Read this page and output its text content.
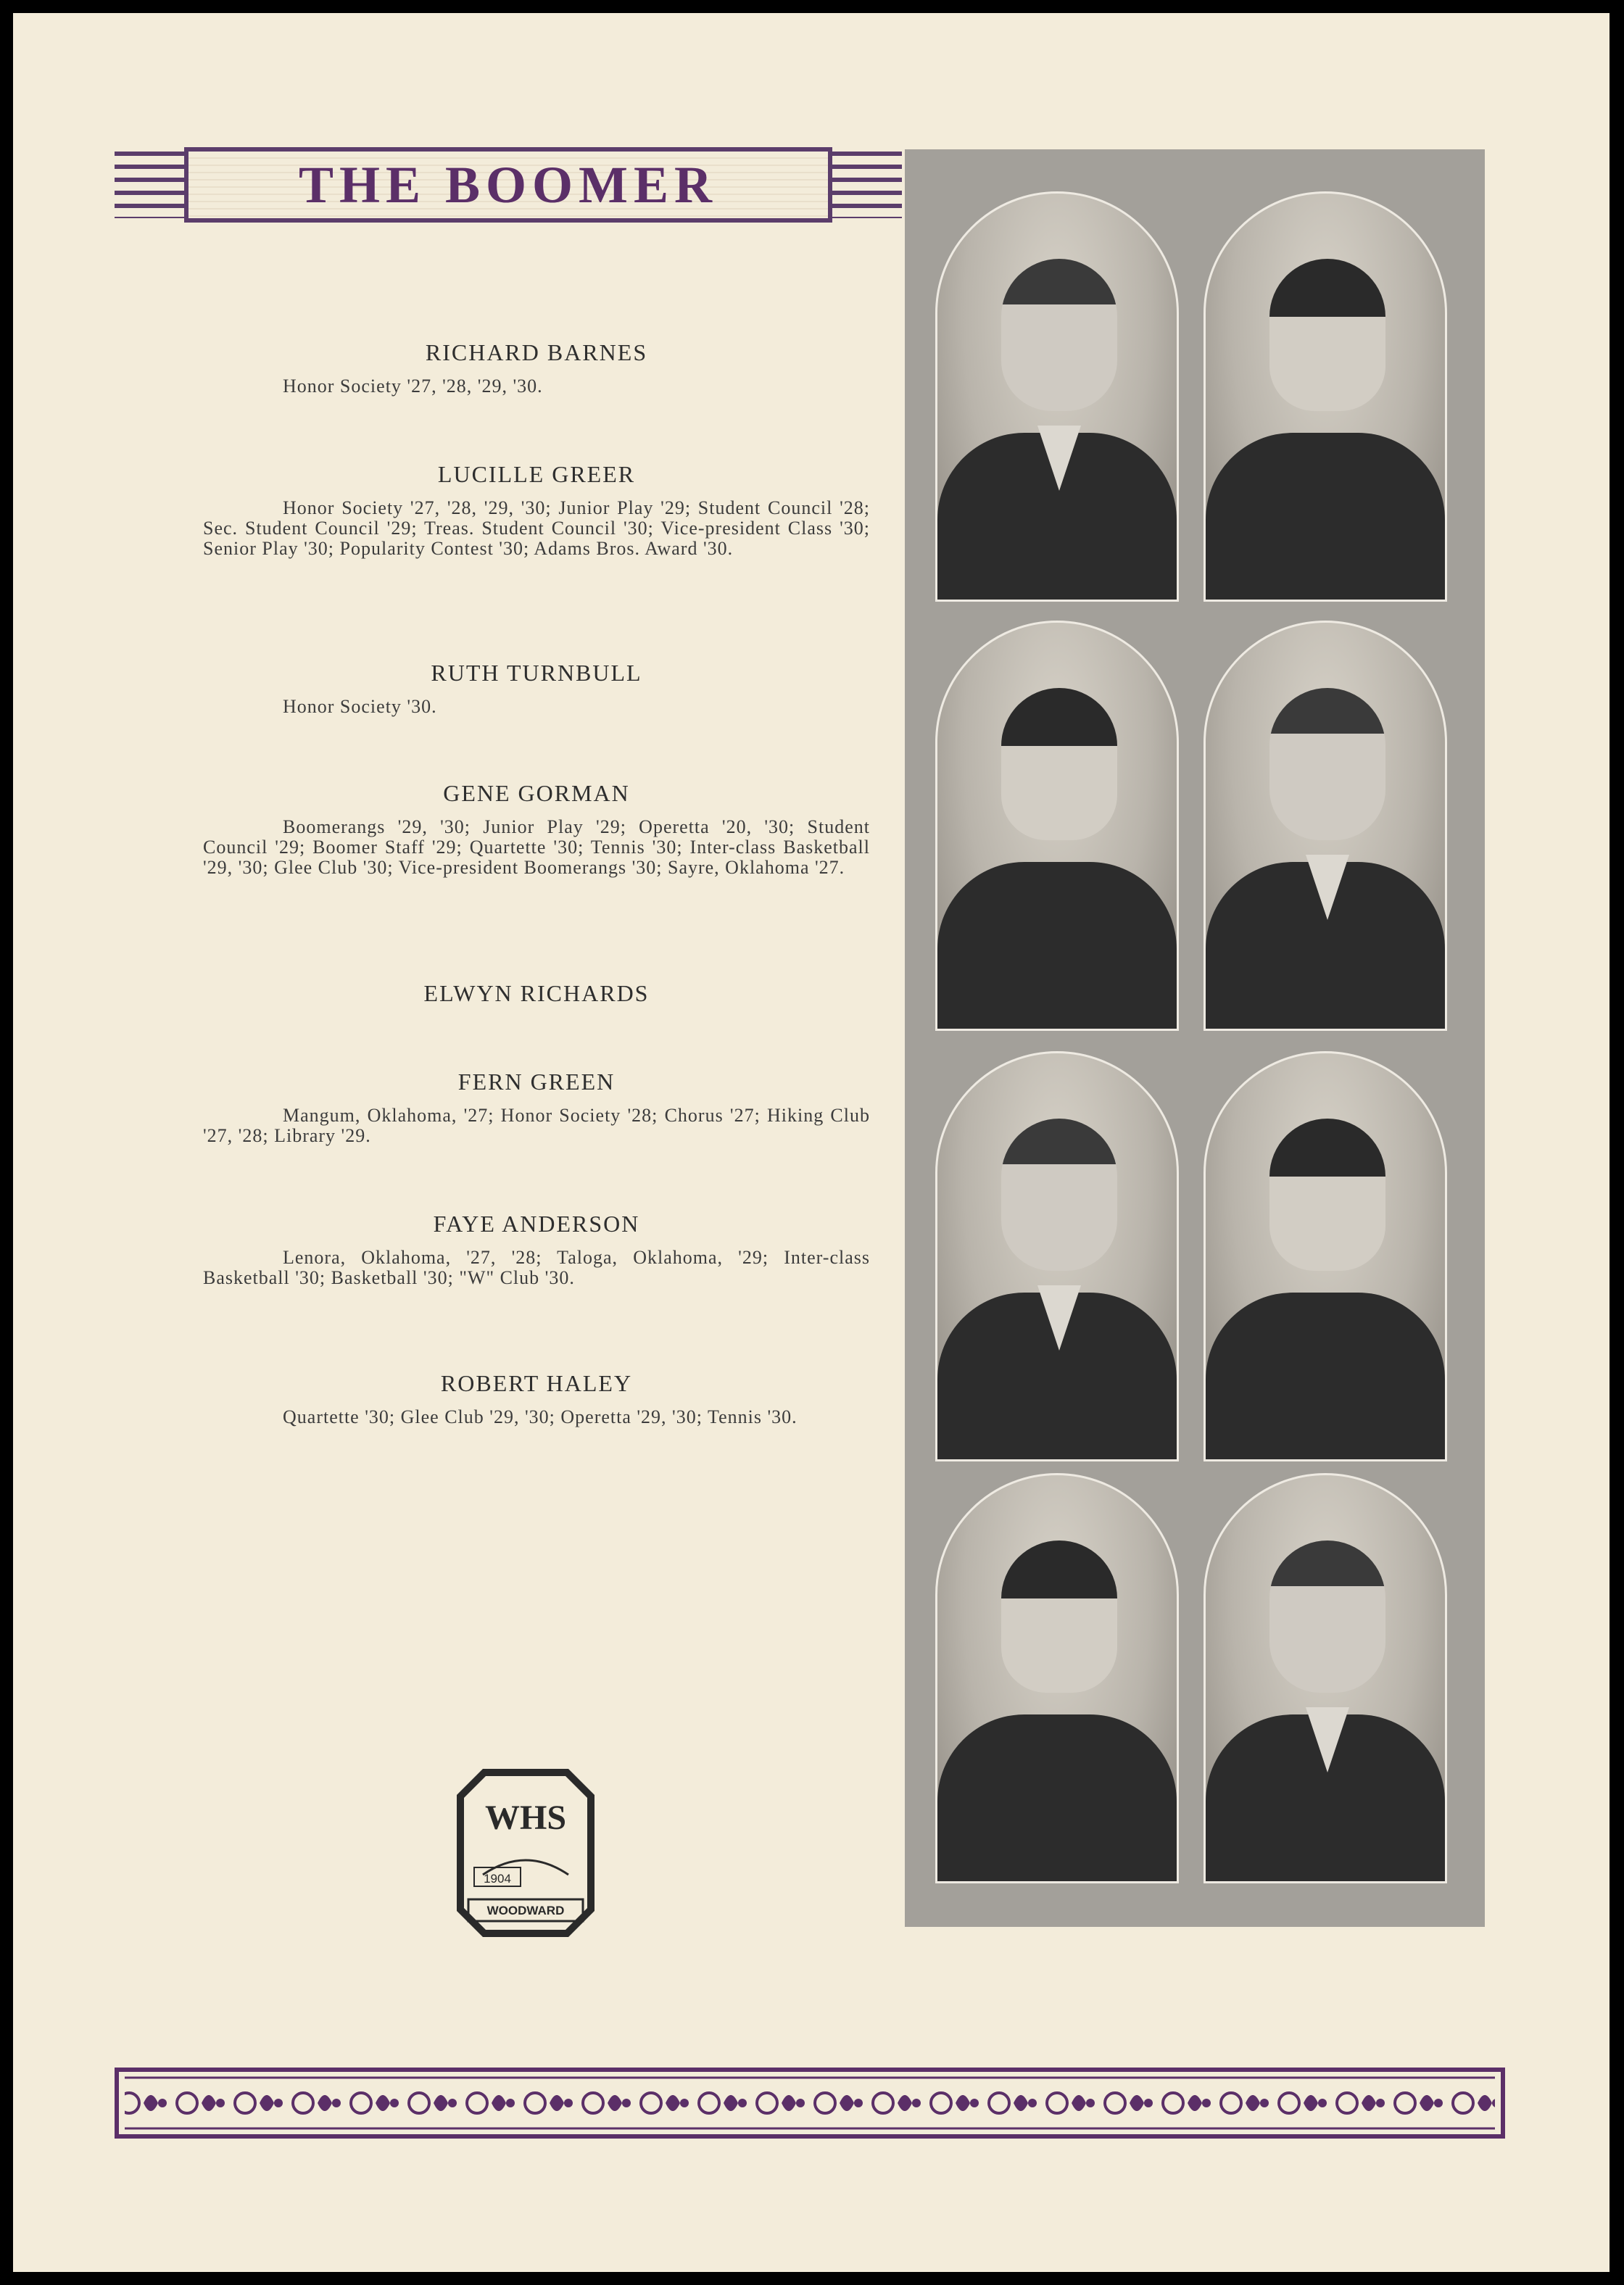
THE BOOMER

RICHARD BARNES

Honor Society '27, '28, '29, '30.

LUCILLE GREER

Honor Society '27, '28, '29, '30; Junior Play '29; Student Council '28; Sec. Student Council '29; Treas. Student Council '30; Vice-president Class '30; Senior Play '30; Popularity Contest '30; Adams Bros. Award '30.

RUTH TURNBULL

Honor Society '30.

GENE GORMAN

Boomerangs '29, '30; Junior Play '29; Operetta '20, '30; Student Council '29; Boomer Staff '29; Quartette '30; Tennis '30; Inter-class Basketball '29, '30; Glee Club '30; Vice-president Boomerangs '30; Sayre, Oklahoma '27.

ELWYN RICHARDS

FERN GREEN

Mangum, Oklahoma, '27; Honor Society '28; Chorus '27; Hiking Club '27, '28; Library '29.

FAYE ANDERSON

Lenora, Oklahoma, '27, '28; Taloga, Oklahoma, '29; Inter-class Basketball '30; Basketball '30; "W" Club '30.

ROBERT HALEY

Quartette '30; Glee Club '29, '30; Operetta '29, '30; Tennis '30.

WHS
1904
WOODWARD
